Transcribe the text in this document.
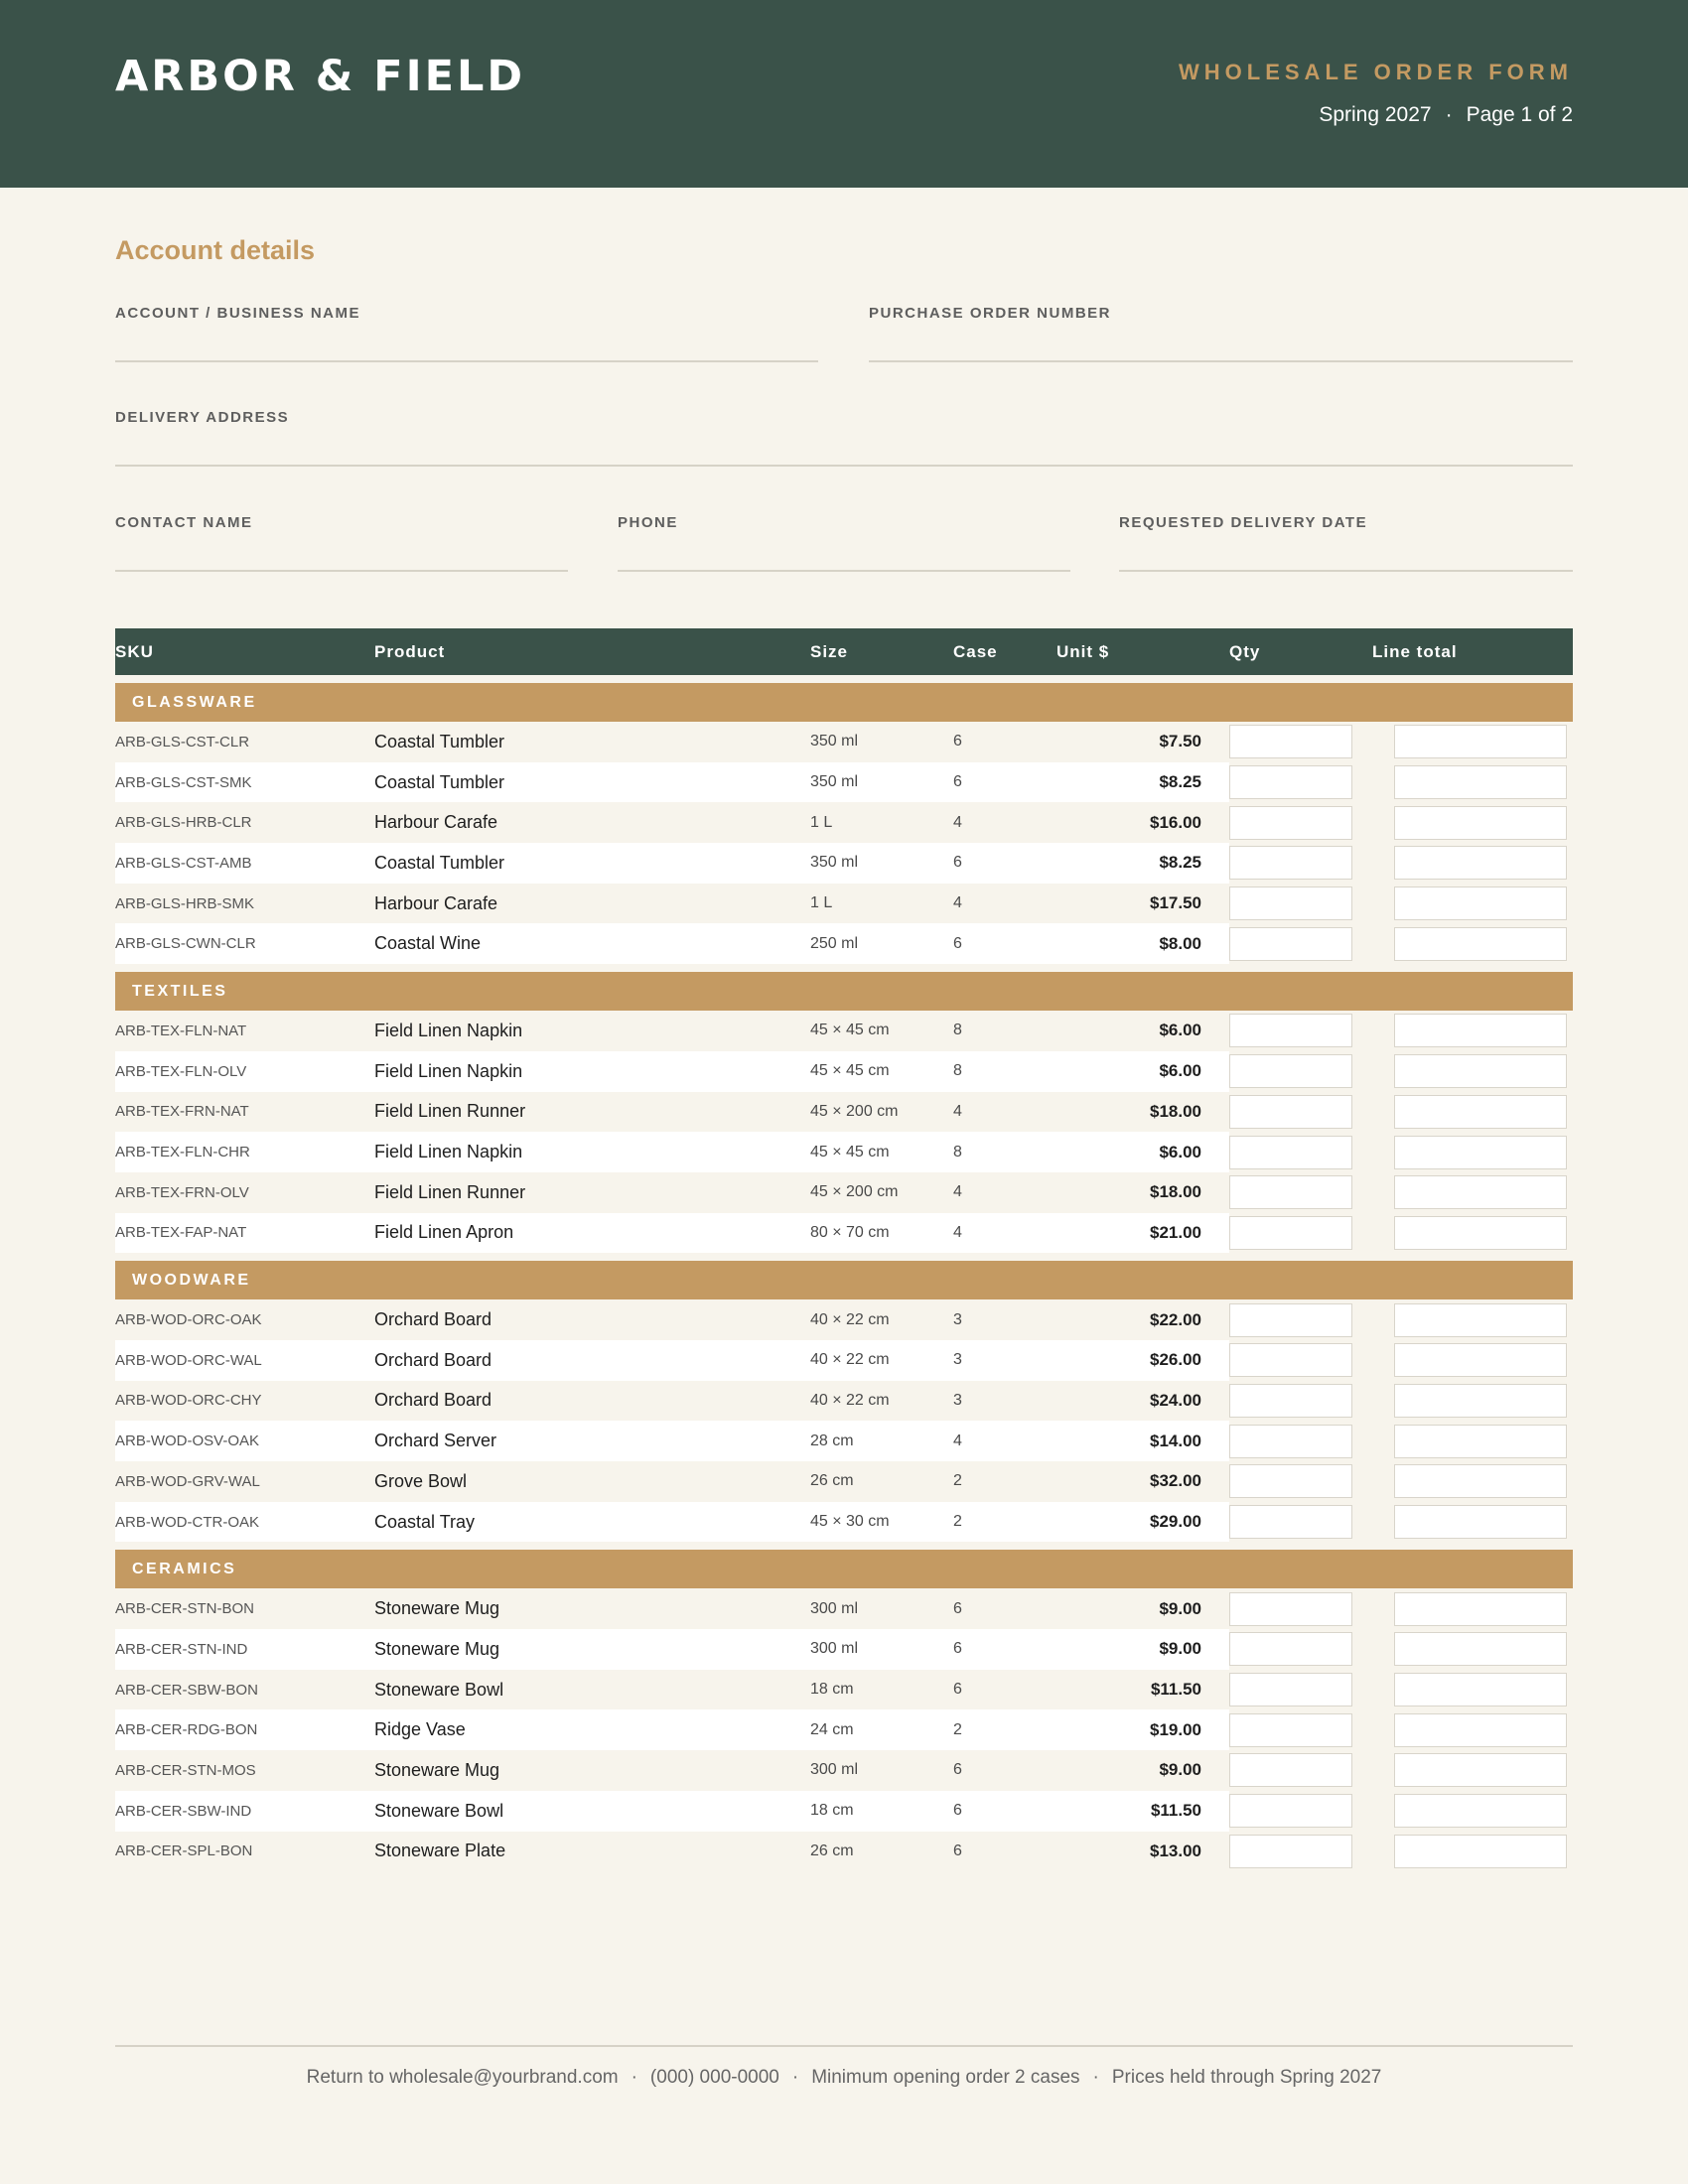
ARBOR & FIELD	WHOLESALE ORDER FORM
Spring 2027 · Page 1 of 2
Account details
ACCOUNT / BUSINESS NAME	PURCHASE ORDER NUMBER
DELIVERY ADDRESS
CONTACT NAME	PHONE	REQUESTED DELIVERY DATE
SKU	Product	Size	Case	Unit $	Qty	Line total

GLASSWARE						
ARB-GLS-CST-CLR	Coastal Tumbler	350 ml	6	$7.50	

ARB-GLS-CST-SMK	Coastal Tumbler	350 ml	6	$8.25	

ARB-GLS-HRB-CLR	Harbour Carafe	1 L	4	$16.00	

ARB-GLS-CST-AMB	Coastal Tumbler	350 ml	6	$8.25	

ARB-GLS-HRB-SMK	Harbour Carafe	1 L	4	$17.50	

ARB-GLS-CWN-CLR	Coastal Wine	250 ml	6	$8.00	

TEXTILES						
ARB-TEX-FLN-NAT	Field Linen Napkin	45 × 45 cm	8	$6.00	

ARB-TEX-FLN-OLV	Field Linen Napkin	45 × 45 cm	8	$6.00	

ARB-TEX-FRN-NAT	Field Linen Runner	45 × 200 cm	4	$18.00	

ARB-TEX-FLN-CHR	Field Linen Napkin	45 × 45 cm	8	$6.00	

ARB-TEX-FRN-OLV	Field Linen Runner	45 × 200 cm	4	$18.00	

ARB-TEX-FAP-NAT	Field Linen Apron	80 × 70 cm	4	$21.00	

WOODWARE						
ARB-WOD-ORC-OAK	Orchard Board	40 × 22 cm	3	$22.00	

ARB-WOD-ORC-WAL	Orchard Board	40 × 22 cm	3	$26.00	

ARB-WOD-ORC-CHY	Orchard Board	40 × 22 cm	3	$24.00	

ARB-WOD-OSV-OAK	Orchard Server	28 cm	4	$14.00	

ARB-WOD-GRV-WAL	Grove Bowl	26 cm	2	$32.00	

ARB-WOD-CTR-OAK	Coastal Tray	45 × 30 cm	2	$29.00	

CERAMICS						
ARB-CER-STN-BON	Stoneware Mug	300 ml	6	$9.00	

ARB-CER-STN-IND	Stoneware Mug	300 ml	6	$9.00	

ARB-CER-SBW-BON	Stoneware Bowl	18 cm	6	$11.50	

ARB-CER-RDG-BON	Ridge Vase	24 cm	2	$19.00	

ARB-CER-STN-MOS	Stoneware Mug	300 ml	6	$9.00	

ARB-CER-SBW-IND	Stoneware Bowl	18 cm	6	$11.50	

ARB-CER-SPL-BON	Stoneware Plate	26 cm	6	$13.00	

Return to wholesale@yourbrand.com · (000) 000-0000 · Minimum opening order 2 cases · Prices held through Spring 2027
